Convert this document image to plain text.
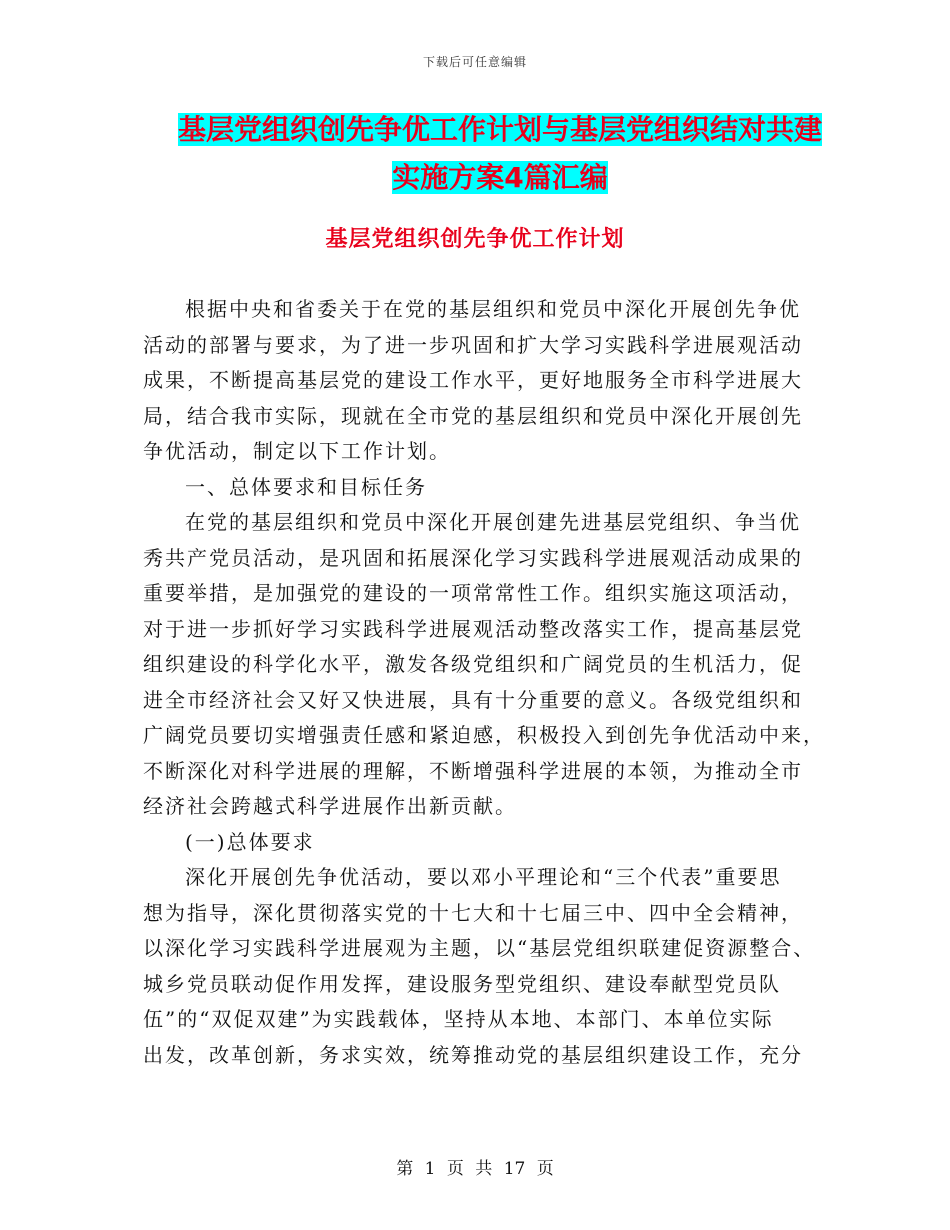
下载后可任意编辑
基层党组织创先争优工作计划与基层党组织结对共建
实施方案4篇汇编
基层党组织创先争优工作计划
根据中央和省委关于在党的基层组织和党员中深化开展创先争优
活动的部署与要求，为了进一步巩固和扩大学习实践科学进展观活动
成果，不断提高基层党的建设工作水平，更好地服务全市科学进展大
局，结合我市实际，现就在全市党的基层组织和党员中深化开展创先
争优活动，制定以下工作计划。
一、总体要求和目标任务
在党的基层组织和党员中深化开展创建先进基层党组织、争当优
秀共产党员活动，是巩固和拓展深化学习实践科学进展观活动成果的
重要举措，是加强党的建设的一项常常性工作。组织实施这项活动，
对于进一步抓好学习实践科学进展观活动整改落实工作，提高基层党
组织建设的科学化水平，激发各级党组织和广阔党员的生机活力，促
进全市经济社会又好又快进展，具有十分重要的意义。各级党组织和
广阔党员要切实增强责任感和紧迫感，积极投入到创先争优活动中来，
不断深化对科学进展的理解，不断增强科学进展的本领，为推动全市
经济社会跨越式科学进展作出新贡献。
(一)总体要求
深化开展创先争优活动，要以邓小平理论和“三个代表”重要思
想为指导，深化贯彻落实党的十七大和十七届三中、四中全会精神，
以深化学习实践科学进展观为主题，以“基层党组织联建促资源整合、
城乡党员联动促作用发挥，建设服务型党组织、建设奉献型党员队
伍”的“双促双建”为实践载体，坚持从本地、本部门、本单位实际
出发，改革创新，务求实效，统筹推动党的基层组织建设工作，充分
第 1 页 共 17 页
